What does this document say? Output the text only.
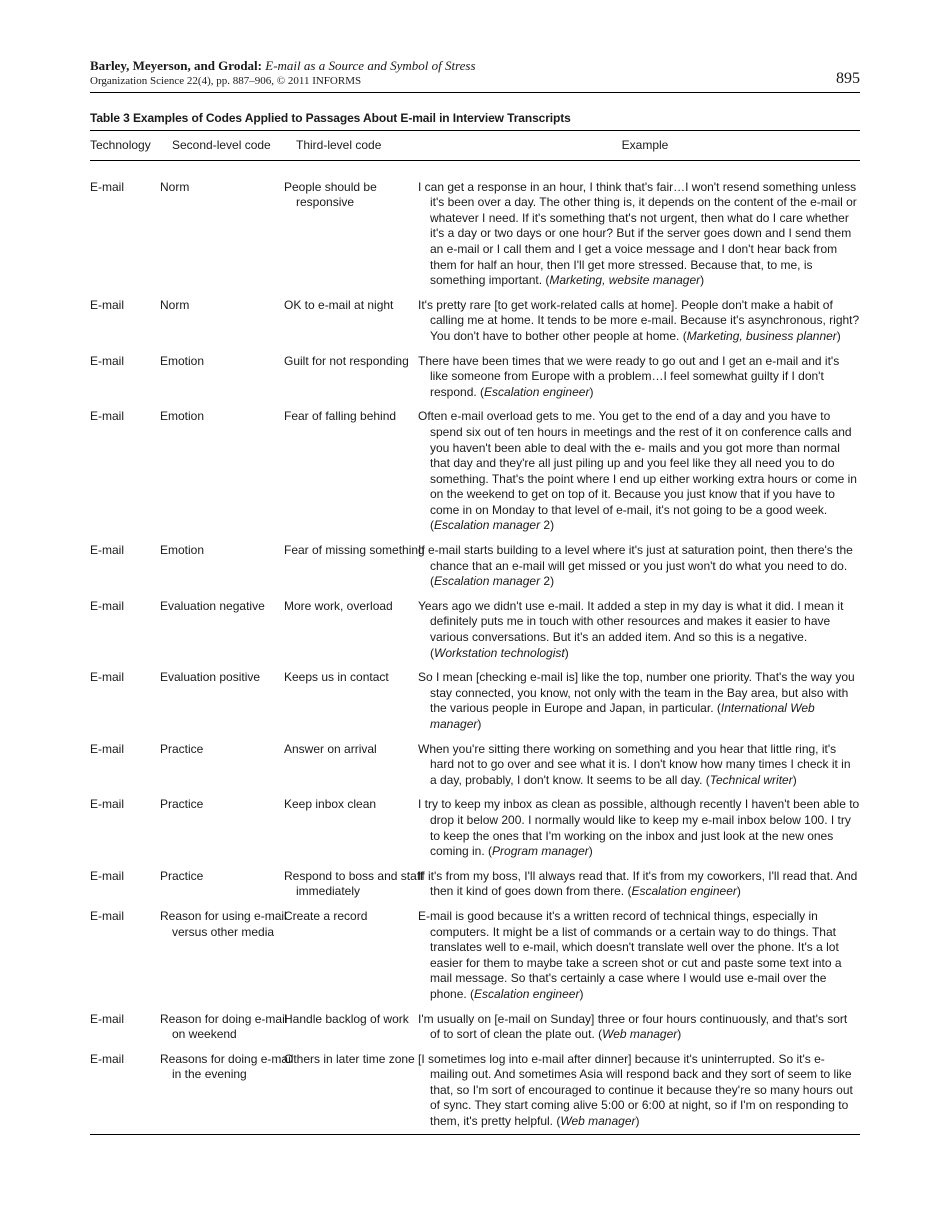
Barley, Meyerson, and Grodal: E-mail as a Source and Symbol of Stress
Organization Science 22(4), pp. 887–906, © 2011 INFORMS	895
Table 3 Examples of Codes Applied to Passages About E-mail in Interview Transcripts
Technology	Second-level code	Third-level code	Example
E-mail	Norm	People should be responsive	I can get a response in an hour, I think that's fair…I won't resend something unless it's been over a day. The other thing is, it depends on the content of the e-mail or whatever I need. If it's something that's not urgent, then what do I care whether it's a day or two days or one hour? But if the server goes down and I send them an e-mail or I call them and I get a voice message and I don't hear back from them for half an hour, then I'll get more stressed. Because that, to me, is something important. (Marketing, website manager)
E-mail	Norm	OK to e-mail at night	It's pretty rare [to get work-related calls at home]. People don't make a habit of calling me at home. It tends to be more e-mail. Because it's asynchronous, right? You don't have to bother other people at home. (Marketing, business planner)
E-mail	Emotion	Guilt for not responding	There have been times that we were ready to go out and I get an e-mail and it's like someone from Europe with a problem…I feel somewhat guilty if I don't respond. (Escalation engineer)
E-mail	Emotion	Fear of falling behind	Often e-mail overload gets to me. You get to the end of a day and you have to spend six out of ten hours in meetings and the rest of it on conference calls and you haven't been able to deal with the e- mails and you got more than normal that day and they're all just piling up and you feel like they all need you to do something. That's the point where I end up either working extra hours or come in on the weekend to get on top of it. Because you just know that if you have to come in on Monday to that level of e-mail, it's not going to be a good week. (Escalation manager 2)
E-mail	Emotion	Fear of missing something	If e-mail starts building to a level where it's just at saturation point, then there's the chance that an e-mail will get missed or you just won't do what you need to do. (Escalation manager 2)
E-mail	Evaluation negative	More work, overload	Years ago we didn't use e-mail. It added a step in my day is what it did. I mean it definitely puts me in touch with other resources and makes it easier to have various conversations. But it's an added item. And so this is a negative. (Workstation technologist)
E-mail	Evaluation positive	Keeps us in contact	So I mean [checking e-mail is] like the top, number one priority. That's the way you stay connected, you know, not only with the team in the Bay area, but also with the various people in Europe and Japan, in particular. (International Web manager)
E-mail	Practice	Answer on arrival	When you're sitting there working on something and you hear that little ring, it's hard not to go over and see what it is. I don't know how many times I check it in a day, probably, I don't know. It seems to be all day. (Technical writer)
E-mail	Practice	Keep inbox clean	I try to keep my inbox as clean as possible, although recently I haven't been able to drop it below 200. I normally would like to keep my e-mail inbox below 100. I try to keep the ones that I'm working on the inbox and just look at the new ones coming in. (Program manager)
E-mail	Practice	Respond to boss and staff immediately	If it's from my boss, I'll always read that. If it's from my coworkers, I'll read that. And then it kind of goes down from there. (Escalation engineer)
E-mail	Reason for using e-mail versus other media	Create a record	E-mail is good because it's a written record of technical things, especially in computers. It might be a list of commands or a certain way to do things. That translates well to e-mail, which doesn't translate well over the phone. It's a lot easier for them to maybe take a screen shot or cut and paste some text into a mail message. So that's certainly a case where I would use e-mail over the phone. (Escalation engineer)
E-mail	Reason for doing e-mail on weekend	Handle backlog of work	I'm usually on [e-mail on Sunday] three or four hours continuously, and that's sort of to sort of clean the plate out. (Web manager)
E-mail	Reasons for doing e-mail in the evening	Others in later time zone	[I sometimes log into e-mail after dinner] because it's uninterrupted. So it's e-mailing out. And sometimes Asia will respond back and they sort of seem to like that, so I'm sort of encouraged to continue it because they're so many hours out of sync. They start coming alive 5:00 or 6:00 at night, so if I'm on responding to them, it's pretty helpful. (Web manager)
